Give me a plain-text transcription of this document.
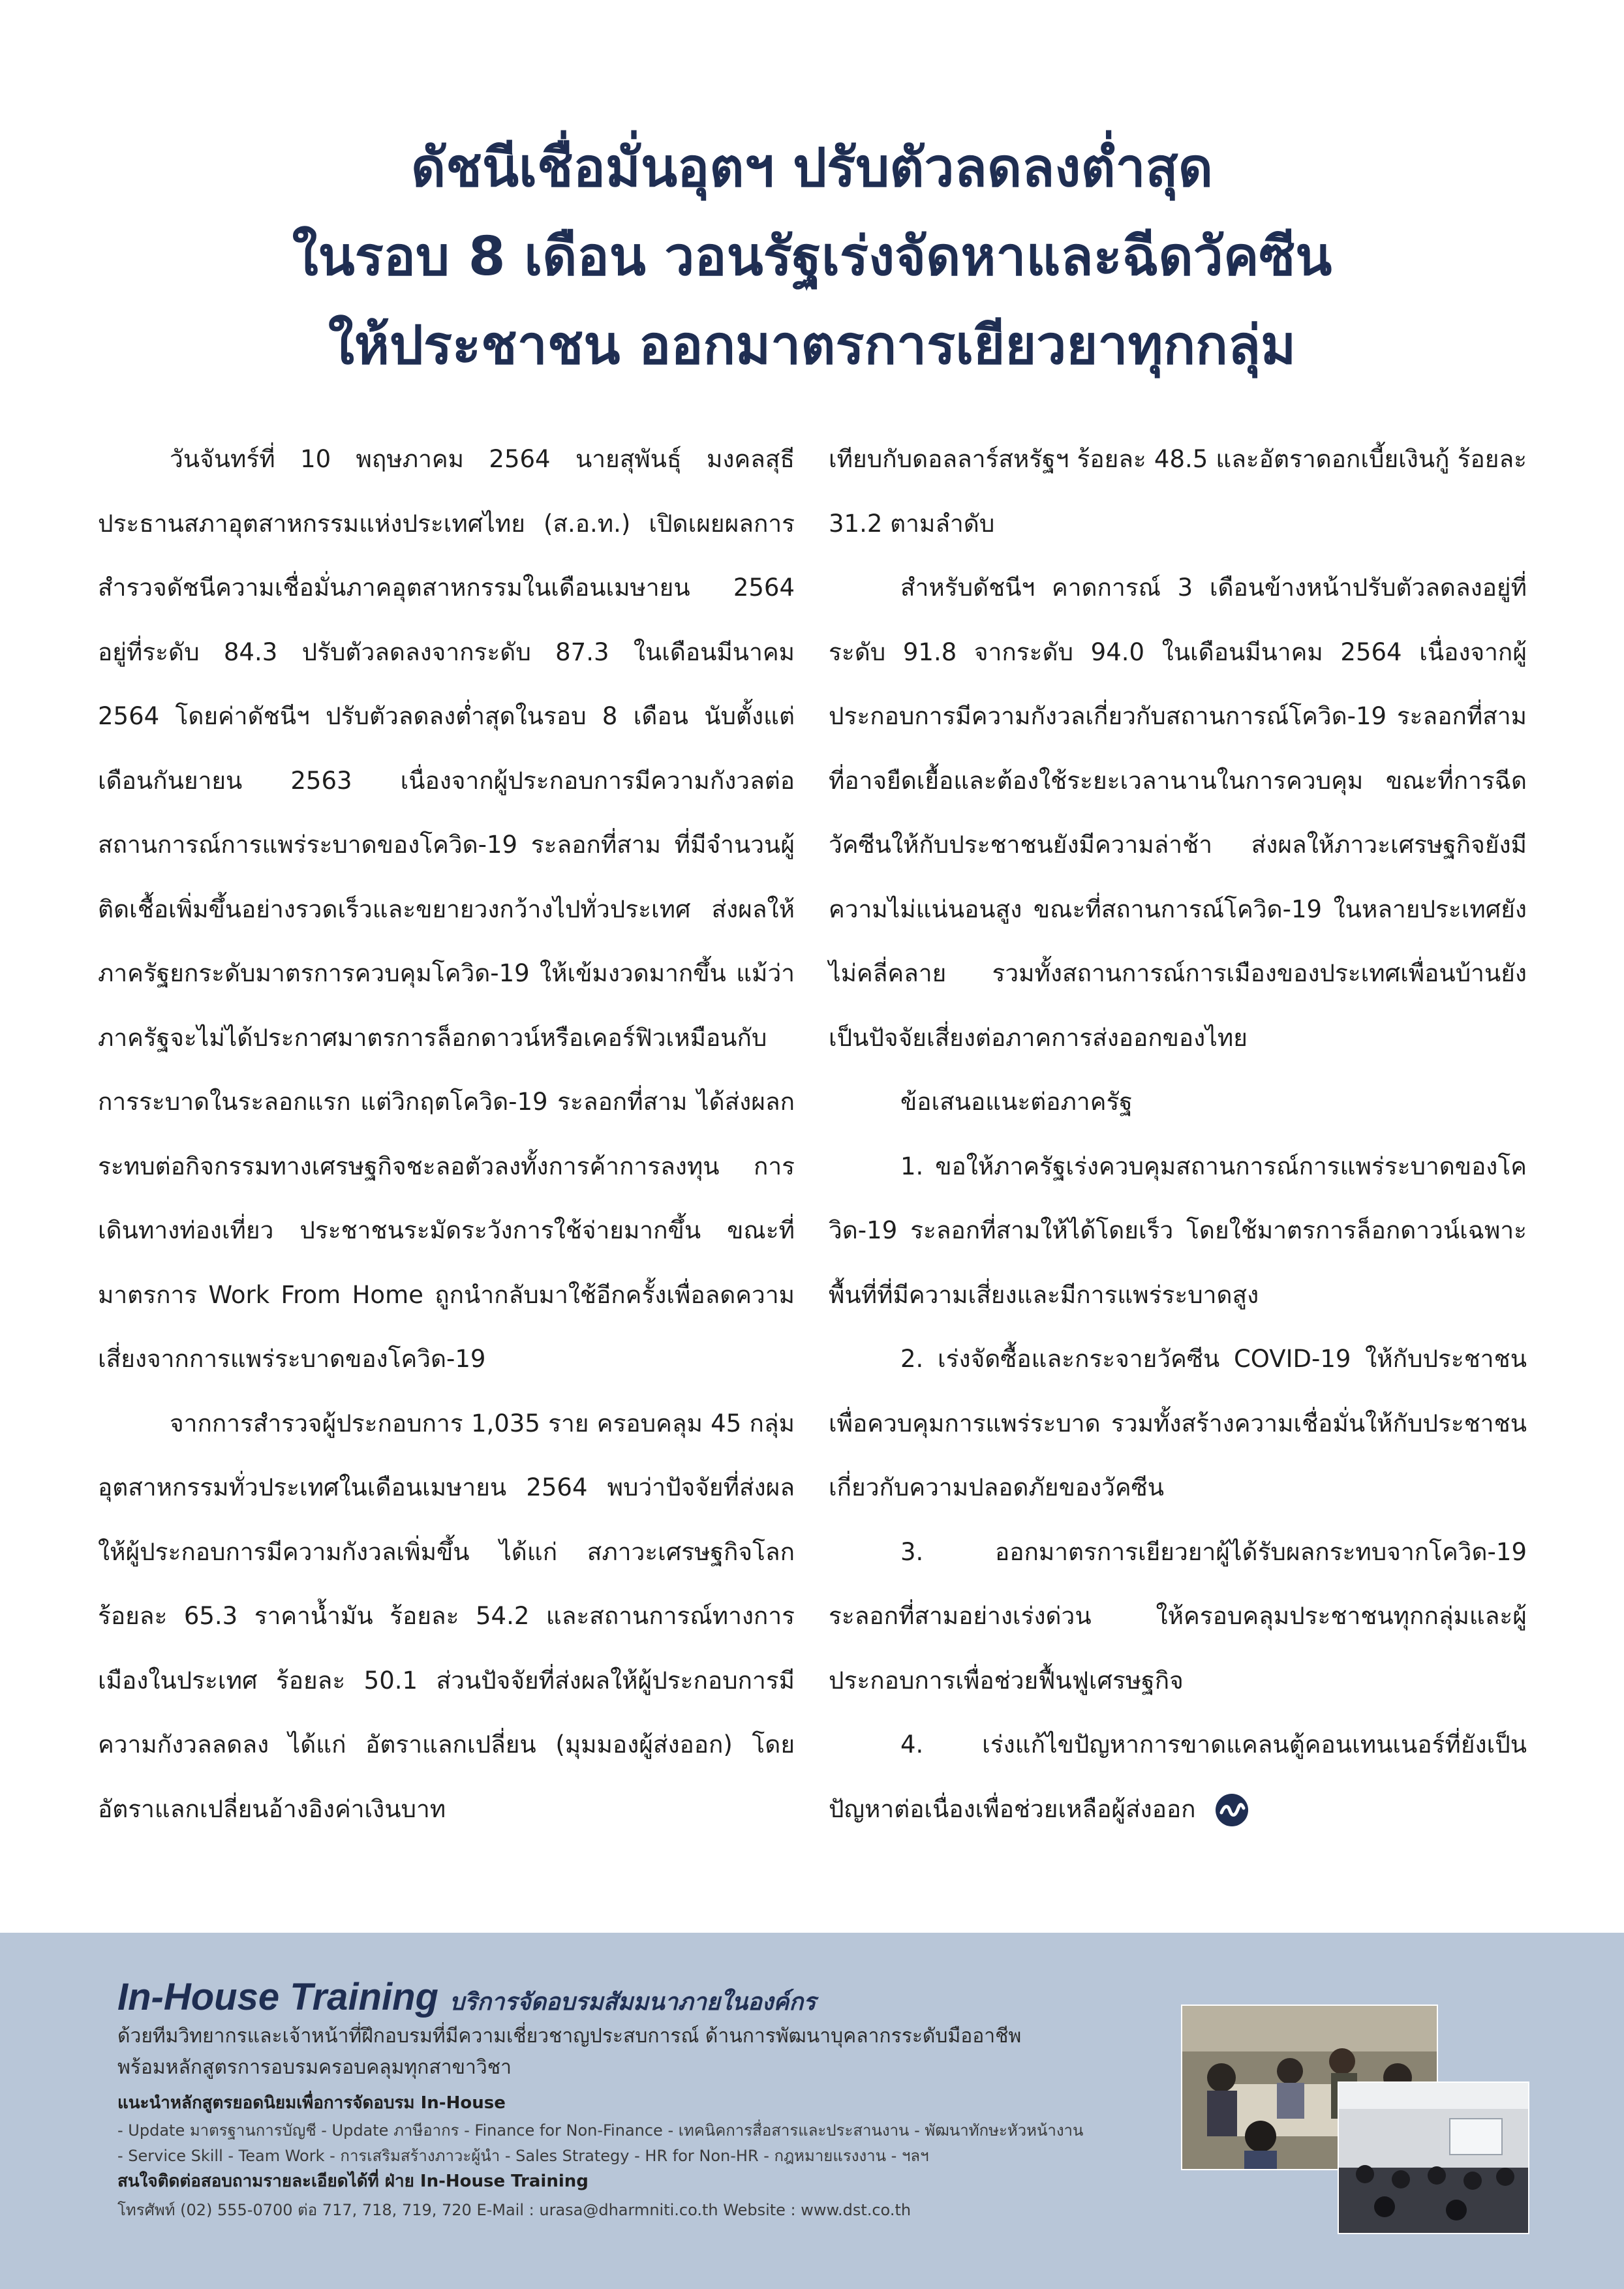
ดัชนีเชื่อมั่นอุตฯ ปรับตัวลดลงต่ำสุด
ในรอบ 8 เดือน วอนรัฐเร่งจัดหาและฉีดวัคซีน
ให้ประชาชน ออกมาตรการเยียวยาทุกกลุ่ม

วันจันทร์ที่ 10 พฤษภาคม 2564 นายสุพันธุ์ มงคลสุธี ประธานสภาอุตสาหกรรมแห่งประเทศไทย (ส.อ.ท.) เปิดเผยผลการสำรวจดัชนีความเชื่อมั่นภาคอุตสาหกรรมในเดือนเมษายน 2564 อยู่ที่ระดับ 84.3 ปรับตัวลดลงจากระดับ 87.3 ในเดือนมีนาคม 2564 โดยค่าดัชนีฯ ปรับตัวลดลงต่ำสุดในรอบ 8 เดือน นับตั้งแต่เดือนกันยายน 2563 เนื่องจากผู้ประกอบการมีความกังวลต่อสถานการณ์การแพร่ระบาดของโควิด-19 ระลอกที่สาม ที่มีจำนวนผู้ติดเชื้อเพิ่มขึ้นอย่างรวดเร็วและขยายวงกว้างไปทั่วประเทศ ส่งผลให้ภาครัฐยกระดับมาตรการควบคุมโควิด-19 ให้เข้มงวดมากขึ้น แม้ว่าภาครัฐจะไม่ได้ประกาศมาตรการล็อกดาวน์หรือเคอร์ฟิวเหมือนกับการระบาดในระลอกแรก แต่วิกฤตโควิด-19 ระลอกที่สาม ได้ส่งผลกระทบต่อกิจกรรมทางเศรษฐกิจชะลอตัวลงทั้งการค้าการลงทุน การเดินทางท่องเที่ยว ประชาชนระมัดระวังการใช้จ่ายมากขึ้น ขณะที่มาตรการ Work From Home ถูกนำกลับมาใช้อีกครั้งเพื่อลดความเสี่ยงจากการแพร่ระบาดของโควิด-19

จากการสำรวจผู้ประกอบการ 1,035 ราย ครอบคลุม 45 กลุ่มอุตสาหกรรมทั่วประเทศในเดือนเมษายน 2564 พบว่าปัจจัยที่ส่งผลให้ผู้ประกอบการมีความกังวลเพิ่มขึ้น ได้แก่ สภาวะเศรษฐกิจโลก ร้อยละ 65.3 ราคาน้ำมัน ร้อยละ 54.2 และสถานการณ์ทางการเมืองในประเทศ ร้อยละ 50.1 ส่วนปัจจัยที่ส่งผลให้ผู้ประกอบการมีความกังวลลดลง ได้แก่ อัตราแลกเปลี่ยน (มุมมองผู้ส่งออก) โดยอัตราแลกเปลี่ยนอ้างอิงค่าเงินบาท

เทียบกับดอลลาร์สหรัฐฯ ร้อยละ 48.5 และอัตราดอกเบี้ยเงินกู้ ร้อยละ 31.2 ตามลำดับ

สำหรับดัชนีฯ คาดการณ์ 3 เดือนข้างหน้าปรับตัวลดลงอยู่ที่ระดับ 91.8 จากระดับ 94.0 ในเดือนมีนาคม 2564 เนื่องจากผู้ประกอบการมีความกังวลเกี่ยวกับสถานการณ์โควิด-19 ระลอกที่สาม ที่อาจยืดเยื้อและต้องใช้ระยะเวลานานในการควบคุม ขณะที่การฉีดวัคซีนให้กับประชาชนยังมีความล่าช้า ส่งผลให้ภาวะเศรษฐกิจยังมีความไม่แน่นอนสูง ขณะที่สถานการณ์โควิด-19 ในหลายประเทศยังไม่คลี่คลาย รวมทั้งสถานการณ์การเมืองของประเทศเพื่อนบ้านยังเป็นปัจจัยเสี่ยงต่อภาคการส่งออกของไทย

ข้อเสนอแนะต่อภาครัฐ

1. ขอให้ภาครัฐเร่งควบคุมสถานการณ์การแพร่ระบาดของโควิด-19 ระลอกที่สามให้ได้โดยเร็ว โดยใช้มาตรการล็อกดาวน์เฉพาะพื้นที่ที่มีความเสี่ยงและมีการแพร่ระบาดสูง

2. เร่งจัดซื้อและกระจายวัคซีน COVID-19 ให้กับประชาชนเพื่อควบคุมการแพร่ระบาด รวมทั้งสร้างความเชื่อมั่นให้กับประชาชนเกี่ยวกับความปลอดภัยของวัคซีน

3. ออกมาตรการเยียวยาผู้ได้รับผลกระทบจากโควิด-19 ระลอกที่สามอย่างเร่งด่วน ให้ครอบคลุมประชาชนทุกกลุ่มและผู้ประกอบการเพื่อช่วยฟื้นฟูเศรษฐกิจ

4. เร่งแก้ไขปัญหาการขาดแคลนตู้คอนเทนเนอร์ที่ยังเป็นปัญหาต่อเนื่องเพื่อช่วยเหลือผู้ส่งออก

In-House Training บริการจัดอบรมสัมมนาภายในองค์กร
ด้วยทีมวิทยากรและเจ้าหน้าที่ฝึกอบรมที่มีความเชี่ยวชาญประสบการณ์ ด้านการพัฒนาบุคลากรระดับมืออาชีพ
พร้อมหลักสูตรการอบรมครอบคลุมทุกสาขาวิชา
แนะนำหลักสูตรยอดนิยมเพื่อการจัดอบรม In-House
- Update มาตรฐานการบัญชี - Update ภาษีอากร - Finance for Non-Finance - เทคนิคการสื่อสารและประสานงาน - พัฒนาทักษะหัวหน้างาน
- Service Skill - Team Work - การเสริมสร้างภาวะผู้นำ - Sales Strategy - HR for Non-HR - กฎหมายแรงงาน - ฯลฯ
สนใจติดต่อสอบถามรายละเอียดได้ที่ ฝ่าย In-House Training
โทรศัพท์ (02) 555-0700 ต่อ 717, 718, 719, 720 E-Mail : urasa@dharmniti.co.th Website : www.dst.co.th
